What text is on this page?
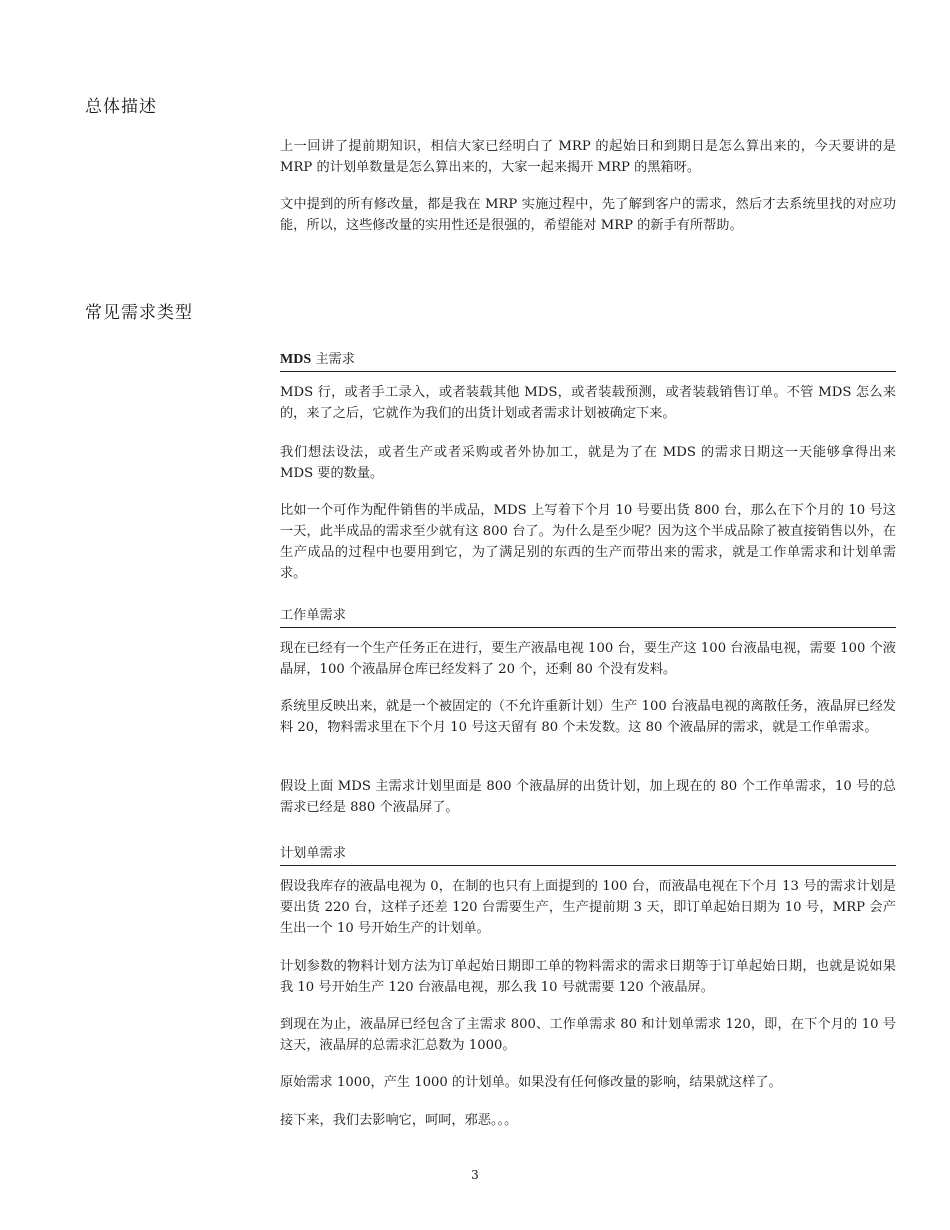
总体描述

上一回讲了提前期知识，相信大家已经明白了 MRP 的起始日和到期日是怎么算出来的，今天要讲的是 MRP 的计划单数量是怎么算出来的，大家一起来揭开 MRP 的黑箱呀。

文中提到的所有修改量，都是我在 MRP 实施过程中，先了解到客户的需求，然后才去系统里找的对应功能，所以，这些修改量的实用性还是很强的，希望能对 MRP 的新手有所帮助。

常见需求类型
MDS 主需求

MDS 行，或者手工录入，或者装载其他 MDS，或者装载预测，或者装载销售订单。不管 MDS 怎么来的，来了之后，它就作为我们的出货计划或者需求计划被确定下来。

我们想法设法，或者生产或者采购或者外协加工，就是为了在 MDS 的需求日期这一天能够拿得出来 MDS 要的数量。

比如一个可作为配件销售的半成品，MDS 上写着下个月 10 号要出货 800 台，那么在下个月的 10 号这一天，此半成品的需求至少就有这 800 台了。为什么是至少呢？因为这个半成品除了被直接销售以外，在生产成品的过程中也要用到它，为了满足别的东西的生产而带出来的需求，就是工作单需求和计划单需求。

工作单需求

现在已经有一个生产任务正在进行，要生产液晶电视 100 台，要生产这 100 台液晶电视，需要 100 个液晶屏，100 个液晶屏仓库已经发料了 20 个，还剩 80 个没有发料。

系统里反映出来，就是一个被固定的（不允许重新计划）生产 100 台液晶电视的离散任务，液晶屏已经发料 20，物料需求里在下个月 10 号这天留有 80 个未发数。这 80 个液晶屏的需求，就是工作单需求。

假设上面 MDS 主需求计划里面是 800 个液晶屏的出货计划，加上现在的 80 个工作单需求，10 号的总需求已经是 880 个液晶屏了。

计划单需求

假设我库存的液晶电视为 0，在制的也只有上面提到的 100 台，而液晶电视在下个月 13 号的需求计划是要出货 220 台，这样子还差 120 台需要生产，生产提前期 3 天，即订单起始日期为 10 号，MRP 会产生出一个 10 号开始生产的计划单。

计划参数的物料计划方法为订单起始日期即工单的物料需求的需求日期等于订单起始日期，也就是说如果我 10 号开始生产 120 台液晶电视，那么我 10 号就需要 120 个液晶屏。

到现在为止，液晶屏已经包含了主需求 800、工作单需求 80 和计划单需求 120，即，在下个月的 10 号这天，液晶屏的总需求汇总数为 1000。

原始需求 1000，产生 1000 的计划单。如果没有任何修改量的影响，结果就这样了。

接下来，我们去影响它，呵呵，邪恶。。。

3
